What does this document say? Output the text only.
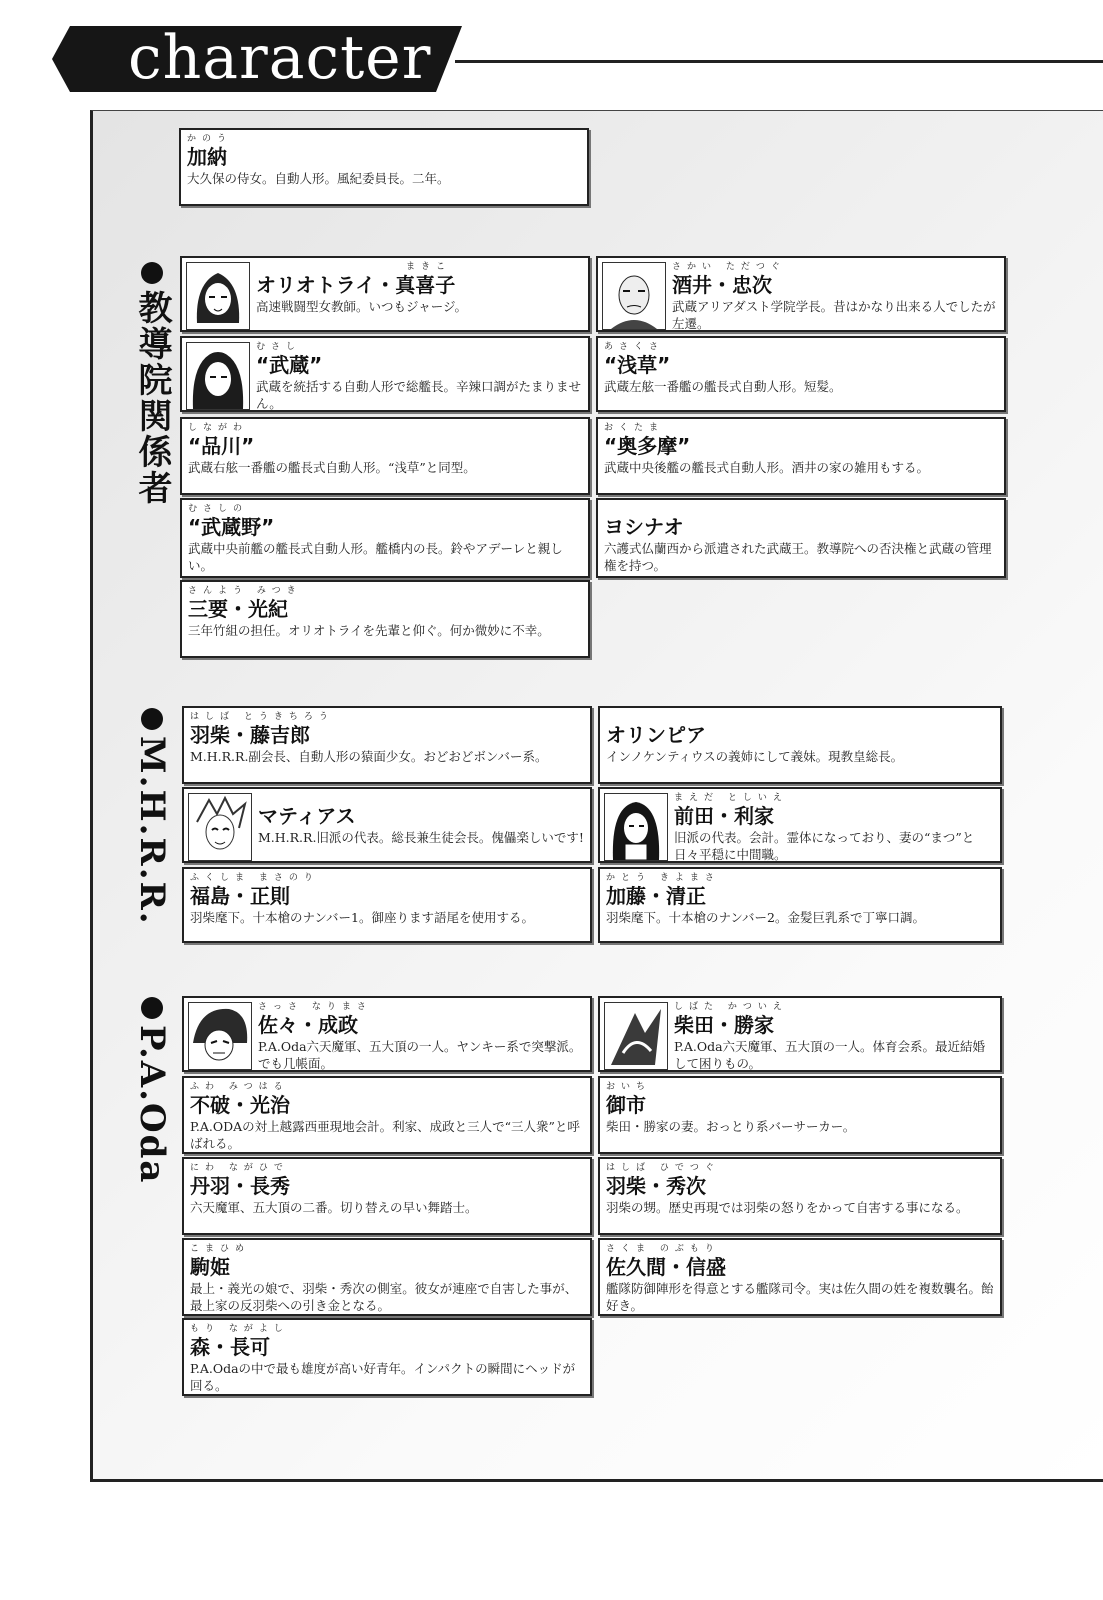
character
教導院関係者
M.H.R.R.
P.A.Oda
かのう
加納
大久保の侍女。自動人形。風紀委員長。二年。
まきこ
オリオトライ・真喜子
高速戦闘型女教師。いつもジャージ。
さかい ただつぐ
酒井・忠次
武蔵アリアダスト学院学長。昔はかなり出来る人でしたが左遷。
むさし
“武蔵”
武蔵を統括する自動人形で総艦長。辛辣口調がたまりません。
あさくさ
“浅草”
武蔵左舷一番艦の艦長式自動人形。短髪。
しながわ
“品川”
武蔵右舷一番艦の艦長式自動人形。“浅草”と同型。
おくたま
“奥多摩”
武蔵中央後艦の艦長式自動人形。酒井の家の雑用もする。
むさしの
“武蔵野”
武蔵中央前艦の艦長式自動人形。艦橋内の長。鈴やアデーレと親しい。
ヨシナオ
六護式仏蘭西から派遣された武蔵王。教導院への否決権と武蔵の管理権を持つ。
さんよう みつき
三要・光紀
三年竹組の担任。オリオトライを先輩と仰ぐ。何か微妙に不幸。
はしば とうきちろう
羽柴・藤吉郎
M.H.R.R.副会長、自動人形の猿面少女。おどおどボンバー系。
オリンピア
インノケンティウスの義姉にして義妹。現教皇総長。
マティアス
M.H.R.R.旧派の代表。総長兼生徒会長。傀儡楽しいです!
まえだ としいえ
前田・利家
旧派の代表。会計。霊体になっており、妻の“まつ”と日々平穏に中間職。
ふくしま まさのり
福島・正則
羽柴麾下。十本槍のナンバー1。御座ります語尾を使用する。
かとう きよまさ
加藤・清正
羽柴麾下。十本槍のナンバー2。金髪巨乳系で丁寧口調。
さっさ なりまさ
佐々・成政
P.A.Oda六天魔軍、五大頂の一人。ヤンキー系で突撃派。でも几帳面。
しばた かついえ
柴田・勝家
P.A.Oda六天魔軍、五大頂の一人。体育会系。最近結婚して困りもの。
ふわ みつはる
不破・光治
P.A.ODAの対上越露西亜現地会計。利家、成政と三人で“三人衆”と呼ばれる。
おいち
御市
柴田・勝家の妻。おっとり系バーサーカー。
にわ ながひで
丹羽・長秀
六天魔軍、五大頂の二番。切り替えの早い舞踏士。
はしば ひでつぐ
羽柴・秀次
羽柴の甥。歴史再現では羽柴の怒りをかって自害する事になる。
こまひめ
駒姫
最上・義光の娘で、羽柴・秀次の側室。彼女が連座で自害した事が、最上家の反羽柴への引き金となる。
さくま のぶもり
佐久間・信盛
艦隊防御陣形を得意とする艦隊司令。実は佐久間の姓を複数襲名。飴好き。
もり ながよし
森・長可
P.A.Odaの中で最も雄度が高い好青年。インパクトの瞬間にヘッドが回る。
